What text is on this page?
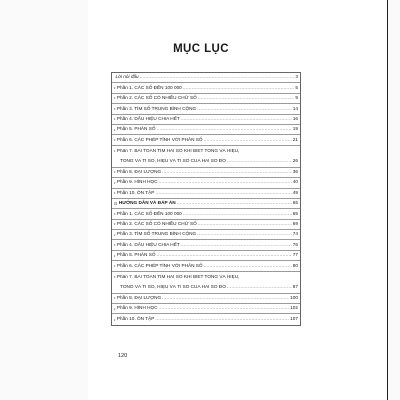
MỤC LỤC
Lời nói đầu .....	3
• Phần 1. CÁC SỐ ĐẾN 100 000 .....	5
• Phần 2. CÁC SỐ CÓ NHIỀU CHỮ SỐ .....	9
• Phần 3. TÌM SỐ TRUNG BÌNH CỘNG .....	14
• Phần 4. DẤU HIỆU CHIA HẾT .....	16
• Phần 5. PHÂN SỐ .....	19
• Phần 6. CÁC PHÉP TÍNH VỚI PHÂN SỐ .....	21
• Phần 7. BÀI TOÁN TÌM HAI SỐ KHI BIẾT TỔNG VÀ HIỆU,
TỔNG VÀ TỈ SỐ, HIỆU VÀ TỈ SỐ CỦA HAI SỐ ĐÓ .....	26
• Phần 8. ĐẠI LƯỢNG .....	36
• Phần 9. HÌNH HỌC .....	40
• Phần 10. ÔN TẬP .....	49
⊡ HƯỚNG DẪN VÀ ĐÁP ÁN .....	65
• Phần 1. CÁC SỐ ĐẾN 100 000 .....	65
• Phần 2. CÁC SỐ CÓ NHIỀU CHỮ SỐ .....	69
• Phần 3. TÌM SỐ TRUNG BÌNH CỘNG .....	74
• Phần 4. DẤU HIỆU CHIA HẾT .....	76
• Phần 5. PHÂN SỐ .....	77
• Phần 6. CÁC PHÉP TÍNH VỚI PHÂN SỐ .....	80
• Phần 7. BÀI TOÁN TÌM HAI SỐ KHI BIẾT TỔNG VÀ HIỆU,
TỔNG VÀ TỈ SỐ, HIỆU VÀ TỈ SỐ CỦA HAI SỐ ĐÓ .....	87
• Phần 8. ĐẠI LƯỢNG .....	100
• Phần 9. HÌNH HỌC .....	102
• Phần 10. ÔN TẬP .....	107
120
